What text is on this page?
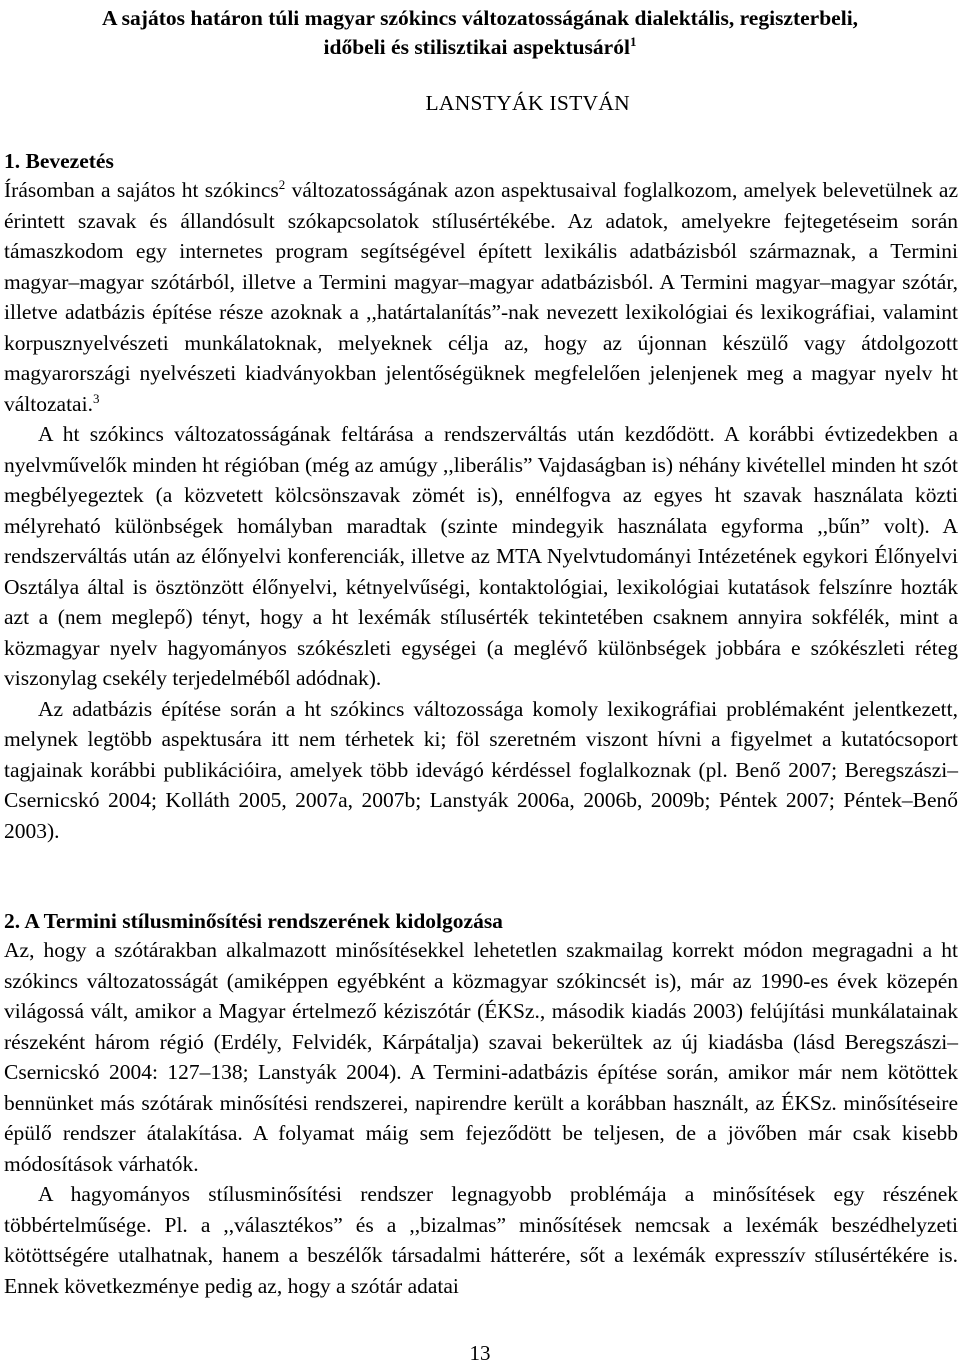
A sajátos határon túli magyar szókincs változatosságának dialektális, regiszterbeli,
időbeli és stilisztikai aspektusáról$^1$
LANSTYÁK ISTVÁN
1. Bevezetés

Írásomban a sajátos ht szókincs$^2$ változatosságának azon aspektusaival foglalkozom, amelyek belevetülnek az érintett szavak és állandósult szókapcsolatok stílusértékébe. Az adatok, amelyekre fejtegetéseim során támaszkodom egy internetes program segítségével épített lexikális adatbázisból származnak, a Termini magyar–magyar szótárból, illetve a Termini magyar–magyar adatbázisból. A Termini magyar–magyar szótár, illetve adatbázis építése része azoknak a ,,határtalanítás”-nak nevezett lexikológiai és lexikográfiai, valamint korpusznyelvészeti munkálatoknak, melyeknek célja az, hogy az újonnan készülő vagy átdolgozott magyarországi nyelvészeti kiadványokban jelentőségüknek megfelelően jelenjenek meg a magyar nyelv ht változatai.$^3$

A ht szókincs változatosságának feltárása a rendszerváltás után kezdődött. A korábbi évtizedekben a nyelvművelők minden ht régióban (még az amúgy ,,liberális” Vajdaságban is) néhány kivétellel minden ht szót megbélyegeztek (a közvetett kölcsönszavak zömét is), ennélfogva az egyes ht szavak használata közti mélyreható különbségek homályban maradtak (szinte mindegyik használata egyforma ,,bűn” volt). A rendszerváltás után az élőnyelvi konferenciák, illetve az MTA Nyelvtudományi Intézetének egykori Élőnyelvi Osztálya által is ösztönzött élőnyelvi, kétnyelvűségi, kontaktológiai, lexikológiai kutatások felszínre hozták azt a (nem meglepő) tényt, hogy a ht lexémák stílusérték tekintetében csaknem annyira sokfélék, mint a közmagyar nyelv hagyományos szókészleti egységei (a meglévő különbségek jobbára e szókészleti réteg viszonylag csekély terjedelméből adódnak).

Az adatbázis építése során a ht szókincs változossága komoly lexikográfiai problémaként jelentkezett, melynek legtöbb aspektusára itt nem térhetek ki; föl szeretném viszont hívni a figyelmet a kutatócsoport tagjainak korábbi publikációira, amelyek több idevágó kérdéssel foglalkoznak (pl. Benő 2007; Beregszászi–Csernicskó 2004; Kolláth 2005, 2007a, 2007b; Lanstyák 2006a, 2006b, 2009b; Péntek 2007; Péntek–Benő 2003).

2. A Termini stílusminősítési rendszerének kidolgozása

Az, hogy a szótárakban alkalmazott minősítésekkel lehetetlen szakmailag korrekt módon megragadni a ht szókincs változatosságát (amiképpen egyébként a közmagyar szókincsét is), már az 1990-es évek közepén világossá vált, amikor a Magyar értelmező kéziszótár (ÉKSz., második kiadás 2003) felújítási munkálatainak részeként három régió (Erdély, Felvidék, Kárpátalja) szavai bekerültek az új kiadásba (lásd Beregszászi–Csernicskó 2004: 127–138; Lanstyák 2004). A Termini-adatbázis építése során, amikor már nem kötöttek bennünket más szótárak minősítési rendszerei, napirendre került a korábban használt, az ÉKSz. minősítéseire épülő rendszer átalakítása. A folyamat máig sem fejeződött be teljesen, de a jövőben már csak kisebb módosítások várhatók.

A hagyományos stílusminősítési rendszer legnagyobb problémája a minősítések egy részének többértelműsége. Pl. a ,,választékos” és a ,,bizalmas” minősítések nemcsak a lexémák beszédhelyzeti kötöttségére utalhatnak, hanem a beszélők társadalmi hátterére, sőt a lexémák expresszív stílusértékére is. Ennek következménye pedig az, hogy a szótár adatai

13
